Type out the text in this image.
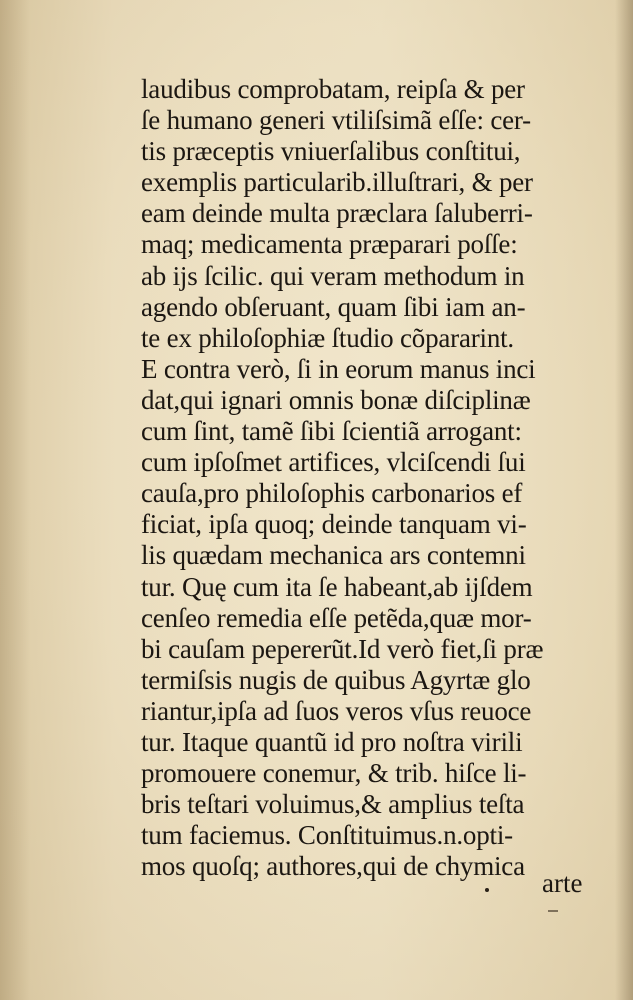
laudibus comprobatam, reipſa & per
ſe humano generi vtiliſsimã eſſe: cer-
tis præceptis vniuerſalibus conſtitui,
exemplis particularib.illuſtrari, & per
eam deinde multa præclara ſaluberri-
maq; medicamenta præparari poſſe:
ab ijs ſcilic. qui veram methodum in
agendo obſeruant, quam ſibi iam an-
te ex philoſophiæ ſtudio cõpararint.
E contra verò, ſi in eorum manus inci
dat,qui ignari omnis bonæ diſciplinæ
cum ſint, tamẽ ſibi ſcientiã arrogant:
cum ipſoſmet artifices, vlciſcendi ſui
cauſa,pro philoſophis carbonarios ef
ficiat, ipſa quoq; deinde tanquam vi-
lis quædam mechanica ars contemni
tur. Quę cum ita ſe habeant,ab ijſdem
cenſeo remedia eſſe petẽda,quæ mor-
bi cauſam pepererũt.Id verò fiet,ſi præ
termiſsis nugis de quibus Agyrtæ glo
riantur,ipſa ad ſuos veros vſus reuoce
tur. Itaque quantũ id pro noſtra virili
promouere conemur, & trib. hiſce li-
bris teſtari voluimus,& amplius teſta
tum faciemus. Conſtituimus.n.opti-
mos quoſq; authores,qui de chymica
arte
